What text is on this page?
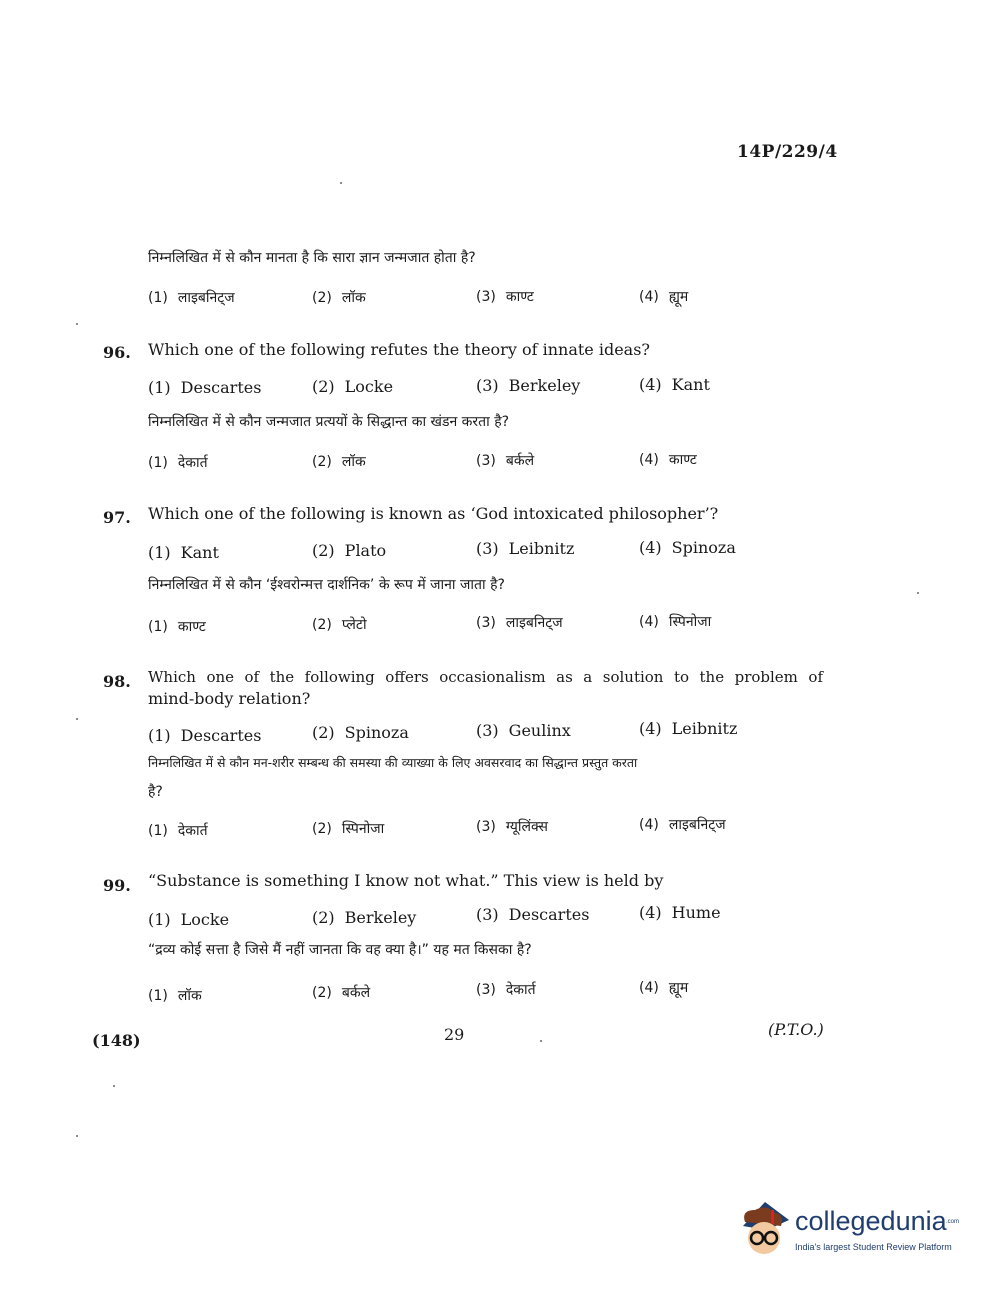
14P/229/4
निम्नलिखित में से कौन मानता है कि सारा ज्ञान जन्मजात होता है?
(1) लाइबनिट्ज	(2) लॉक	(3) काण्ट	(4) ह्यूम
96. Which one of the following refutes the theory of innate ideas?
(1) Descartes	(2) Locke	(3) Berkeley	(4) Kant
निम्नलिखित में से कौन जन्मजात प्रत्ययों के सिद्धान्त का खंडन करता है?
(1) देकार्त	(2) लॉक	(3) बर्कले	(4) काण्ट
97. Which one of the following is known as ‘God intoxicated philosopher’?
(1) Kant	(2) Plato	(3) Leibnitz	(4) Spinoza
निम्नलिखित में से कौन ‘ईश्वरोन्मत्त दार्शनिक’ के रूप में जाना जाता है?
(1) काण्ट	(2) प्लेटो	(3) लाइबनिट्ज	(4) स्पिनोजा
98. Which one of the following offers occasionalism as a solution to the problem of
mind-body relation?
(1) Descartes	(2) Spinoza	(3) Geulinx	(4) Leibnitz
निम्नलिखित में से कौन मन-शरीर सम्बन्ध की समस्या की व्याख्या के लिए अवसरवाद का सिद्धान्त प्रस्तुत करता
है?
(1) देकार्त	(2) स्पिनोजा	(3) ग्यूलिंक्स	(4) लाइबनिट्ज
99. “Substance is something I know not what.” This view is held by
(1) Locke	(2) Berkeley	(3) Descartes	(4) Hume
“द्रव्य कोई सत्ता है जिसे मैं नहीं जानता कि वह क्या है।” यह मत किसका है?
(1) लॉक	(2) बर्कले	(3) देकार्त	(4) ह्यूम
(148)	29	(P.T.O.)
collegedunia .com
India's largest Student Review Platform
